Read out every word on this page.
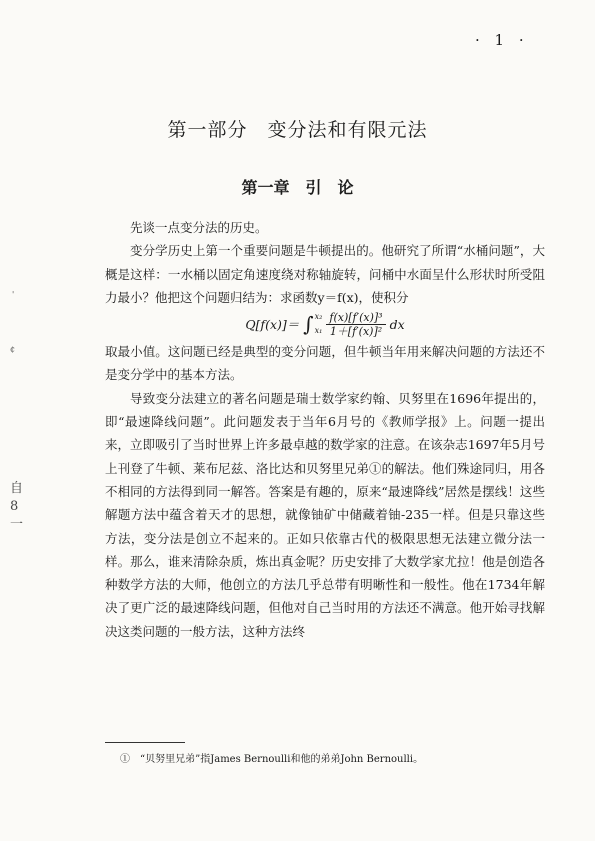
· 1 ·
第一部分　变分法和有限元法
第一章　引　论

先谈一点变分法的历史。

变分学历史上第一个重要问题是牛顿提出的。他研究了所谓“水桶问题”，大概是这样：一水桶以固定角速度绕对称轴旋转，问桶中水面呈什么形状时所受阻力最小？他把这个问题归结为：求函数y＝f(x)，使积分

Q[f(x)]＝ ∫ x₂
$x_1 \frac{\text{f(x)[f′(x)]³}}{\text{1＋[f′(x)]²}}$ dx

取最小值。这问题已经是典型的变分问题，但牛顿当年用来解决问题的方法还不是变分学中的基本方法。

导致变分法建立的著名问题是瑞士数学家约翰、贝努里在1696年提出的，即“最速降线问题”。此问题发表于当年6月号的《教师学报》上。问题一提出来，立即吸引了当时世界上许多最卓越的数学家的注意。在该杂志1697年5月号上刊登了牛顿、莱布尼兹、洛比达和贝努里兄弟①的解法。他们殊途同归，用各不相同的方法得到同一解答。答案是有趣的，原来“最速降线”居然是摆线！这些解题方法中蕴含着天才的思想，就像铀矿中储藏着铀-235一样。但是只靠这些方法，变分法是创立不起来的。正如只依靠古代的极限思想无法建立微分法一样。那么，谁来清除杂质，炼出真金呢？历史安排了大数学家尤拉！他是创造各种数学方法的大师，他创立的方法几乎总带有明晰性和一般性。他在1734年解决了更广泛的最速降线问题，但他对自己当时用的方法还不满意。他开始寻找解决这类问题的一般方法，这种方法终

①　“贝努里兄弟”指James Bernoulli和他的弟弟John Bernoulli。
自8一
'
¢
